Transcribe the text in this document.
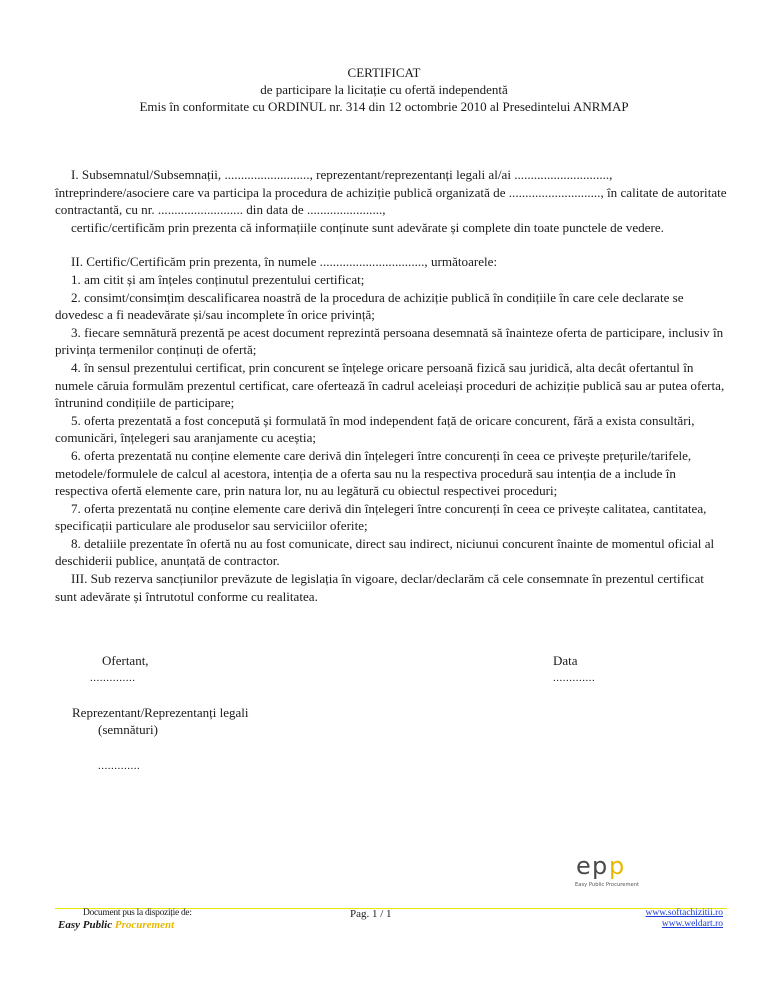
CERTIFICAT
de participare la licitație cu ofertă independentă
Emis în conformitate cu ORDINUL nr. 314 din 12 octombrie 2010 al Presedintelui ANRMAP

I. Subsemnatul/Subsemnații, .........................., reprezentant/reprezentanți legali al/ai ............................., întreprindere/asociere care va participa la procedura de achiziție publică organizată de ............................, în calitate de autoritate contractantă, cu nr. .......................... din data de .......................,

certific/certificăm prin prezenta că informațiile conținute sunt adevărate și complete din toate punctele de vedere.

II. Certific/Certificăm prin prezenta, în numele ................................, următoarele:

1. am citit și am înțeles conținutul prezentului certificat;

2. consimt/consimțim descalificarea noastră de la procedura de achiziție publică în condițiile în care cele declarate se dovedesc a fi neadevărate și/sau incomplete în orice privință;

3. fiecare semnătură prezentă pe acest document reprezintă persoana desemnată să înainteze oferta de participare, inclusiv în privința termenilor conținuți de ofertă;

4. în sensul prezentului certificat, prin concurent se înțelege oricare persoană fizică sau juridică, alta decât ofertantul în numele căruia formulăm prezentul certificat, care ofertează în cadrul aceleiași proceduri de achiziție publică sau ar putea oferta, întrunind condițiile de participare;

5. oferta prezentată a fost concepută și formulată în mod independent față de oricare concurent, fără a exista consultări, comunicări, înțelegeri sau aranjamente cu aceștia;

6. oferta prezentată nu conține elemente care derivă din înțelegeri între concurenți în ceea ce privește prețurile/tarifele, metodele/formulele de calcul al acestora, intenția de a oferta sau nu la respectiva procedură sau intenția de a include în respectiva ofertă elemente care, prin natura lor, nu au legătură cu obiectul respectivei proceduri;

7. oferta prezentată nu conține elemente care derivă din înțelegeri între concurenți în ceea ce privește calitatea, cantitatea, specificații particulare ale produselor sau serviciilor oferite;

8. detaliile prezentate în ofertă nu au fost comunicate, direct sau indirect, niciunui concurent înainte de momentul oficial al deschiderii publice, anunțată de contractor.

III. Sub rezerva sancțiunilor prevăzute de legislația în vigoare, declar/declarăm că cele consemnate în prezentul certificat sunt adevărate și întrutotul conforme cu realitatea.

Ofertant,	Data
..............	.............
Reprezentant/Reprezentanți legali
(semnături)
.............
e p p
Easy Public Procurement
Document pus la dispoziție de:
Easy Public Procurement
Pag. 1 / 1	www.softachizitii.ro
www.weldart.ro
